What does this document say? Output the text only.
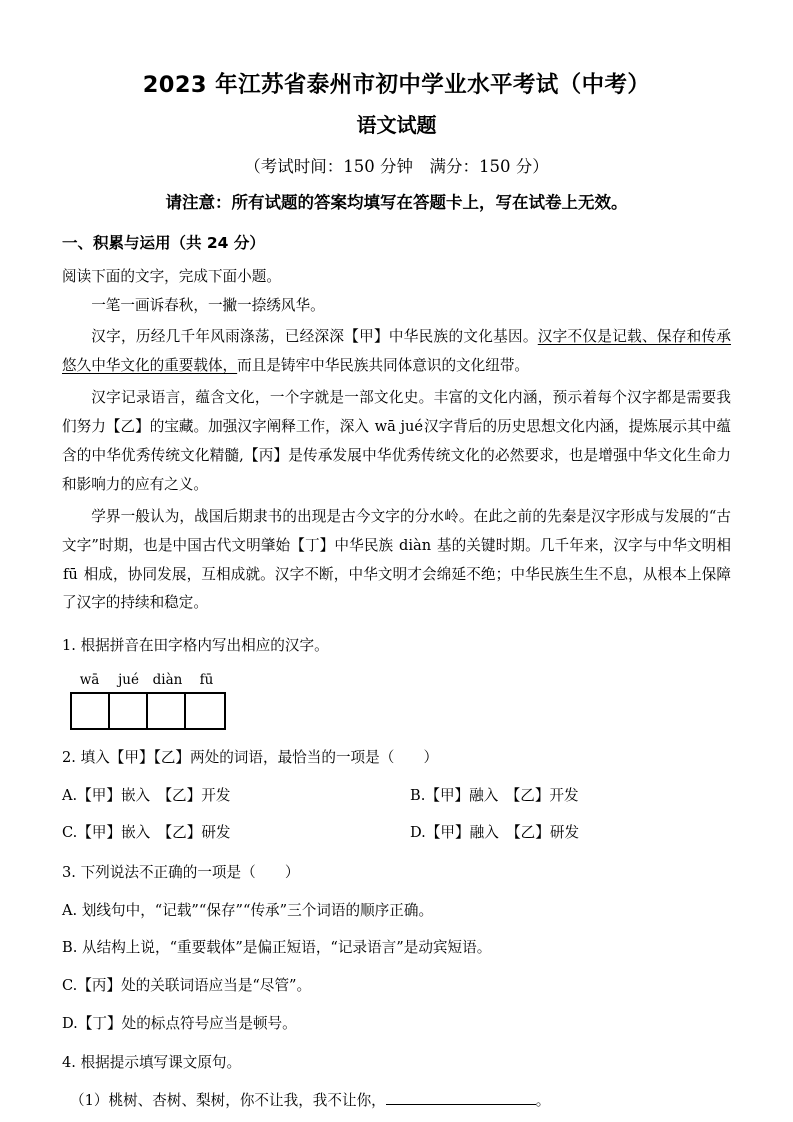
2023 年江苏省泰州市初中学业水平考试（中考）
语文试题
（考试时间：150 分钟　满分：150 分）
请注意：所有试题的答案均填写在答题卡上，写在试卷上无效。
一、积累与运用（共 24 分）
阅读下面的文字，完成下面小题。

一笔一画诉春秋，一撇一捺绣风华。

汉字，历经几千年风雨涤荡，已经深深【甲】中华民族的文化基因。汉字不仅是记载、保存和传承悠久中华文化的重要载体，而且是铸牢中华民族共同体意识的文化纽带。

汉字记录语言，蕴含文化，一个字就是一部文化史。丰富的文化内涵，预示着每个汉字都是需要我们努力【乙】的宝藏。加强汉字阐释工作，深入 wā jué汉字背后的历史思想文化内涵，提炼展示其中蕴含的中华优秀传统文化精髓,【丙】是传承发展中华优秀传统文化的必然要求，也是增强中华文化生命力和影响力的应有之义。

学界一般认为，战国后期隶书的出现是古今文字的分水岭。在此之前的先秦是汉字形成与发展的“古文字”时期，也是中国古代文明肇始【丁】中华民族 diàn 基的关键时期。几千年来，汉字与中华文明相 fū 相成，协同发展，互相成就。汉字不断，中华文明才会绵延不绝；中华民族生生不息，从根本上保障了汉字的持续和稳定。

1. 根据拼音在田字格内写出相应的汉字。
wā	jué	diàn	fū
2. 填入【甲】【乙】两处的词语，最恰当的一项是（　　）
A.【甲】嵌入　【乙】开发	B.【甲】融入　【乙】开发
C.【甲】嵌入　【乙】研发	D.【甲】融入　【乙】研发
3. 下列说法不正确的一项是（　　）
A. 划线句中，“记载”“保存”“传承”三个词语的顺序正确。
B. 从结构上说，“重要载体”是偏正短语，“记录语言”是动宾短语。
C.【丙】处的关联词语应当是“尽管”。
D.【丁】处的标点符号应当是顿号。
4. 根据提示填写课文原句。
（1）桃树、杏树、梨树，你不让我，我不让你，	。
